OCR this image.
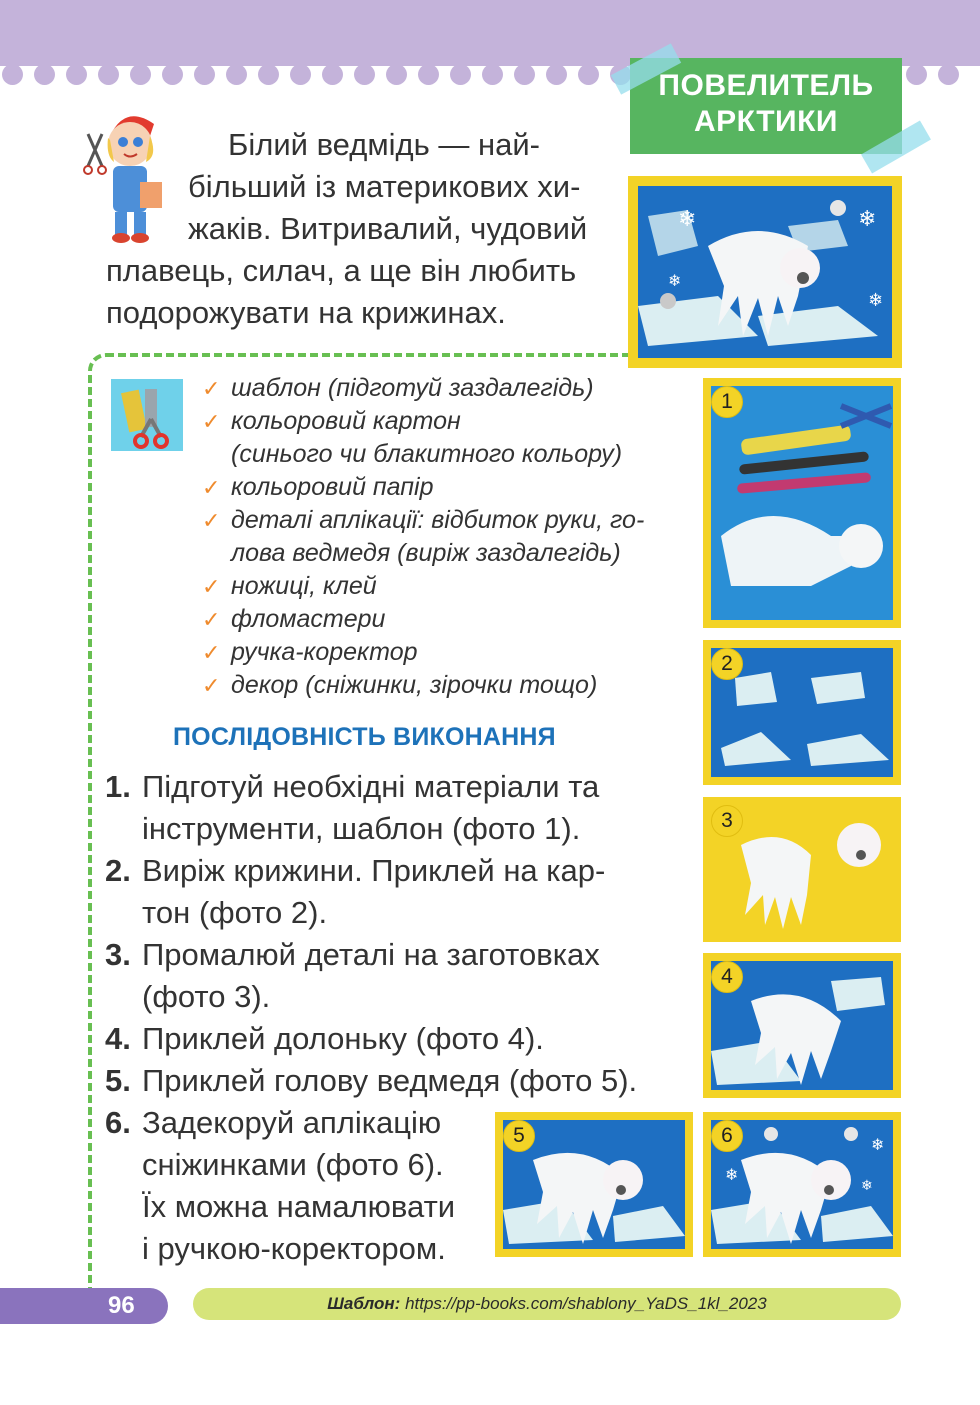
ПОВЕЛИТЕЛЬ
АРКТИКИ
Білий ведмідь — най-
більший із материкових хи-
жаків. Витривалий, чудовий
плавець, силач, а ще він любить
подорожувати на крижинах.
❄	❄
❄
❄
✓ шаблон (підготуй заздалегідь)
✓ кольоровий картон
(синього чи блакитного кольору)
✓ кольоровий папір
✓ деталі аплікації: відбиток руки, го-
лова ведмедя (виріж заздалегідь)
✓ ножиці, клей
✓ фломастери
✓ ручка-коректор
✓ декор (сніжинки, зірочки тощо)
ПОСЛІДОВНІСТЬ ВИКОНАННЯ
1. Підготуй необхідні матеріали та
інструменти, шаблон (фото 1).
2. Виріж крижини. Приклей на кар-
тон (фото 2).
3. Промалюй деталі на заготовках
(фото 3).
4. Приклей долоньку (фото 4).
5. Приклей голову ведмедя (фото 5).
6. Задекоруй аплікацію
сніжинками (фото 6).
Їх можна намалювати
і ручкою-коректором.
1
2
3
4
5	6
❄
❄
❄
96	Шаблон: https://pp-books.com/shablony_YaDS_1kl_2023
